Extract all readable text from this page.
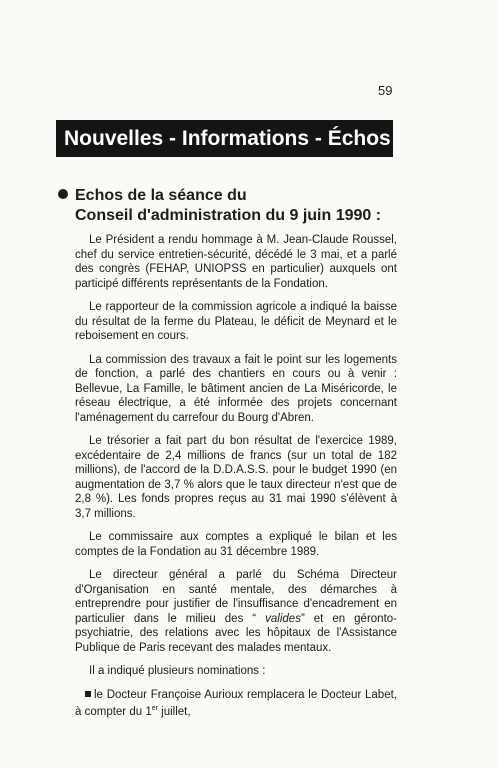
59
Nouvelles - Informations - Échos
Echos de la séance du
Conseil d'administration du 9 juin 1990 :

Le Président a rendu hommage à M. Jean-Claude Roussel, chef du service entretien-sécurité, décédé le 3 mai, et a parlé des congrès (FEHAP, UNIOPSS en particulier) auxquels ont participé différents représentants de la Fondation.

Le rapporteur de la commission agricole a indiqué la baisse du résultat de la ferme du Plateau, le déficit de Meynard et le reboisement en cours.

La commission des travaux a fait le point sur les logements de fonction, a parlé des chantiers en cours ou à venir : Bellevue, La Famille, le bâtiment ancien de La Miséricorde, le réseau électrique, a été informée des projets concernant l'aménagement du carrefour du Bourg d'Abren.

Le trésorier a fait part du bon résultat de l'exercice 1989, excédentaire de 2,4 millions de francs (sur un total de 182 millions), de l'accord de la D.D.A.S.S. pour le budget 1990 (en augmentation de 3,7 % alors que le taux directeur n'est que de 2,8 %). Les fonds propres reçus au 31 mai 1990 s'élèvent à 3,7 millions.

Le commissaire aux comptes a expliqué le bilan et les comptes de la Fondation au 31 décembre 1989.

Le directeur général a parlé du Schéma Directeur d'Organisation en santé mentale, des démarches à entreprendre pour justifier de l'insuffisance d'encadrement en particulier dans le milieu des “ valides” et en géronto-psychiatrie, des relations avec les hôpitaux de l'Assistance Publique de Paris recevant des malades mentaux.

Il a indiqué plusieurs nominations :

le Docteur Françoise Aurioux remplacera le Docteur Labet, à compter du 1er juillet,
